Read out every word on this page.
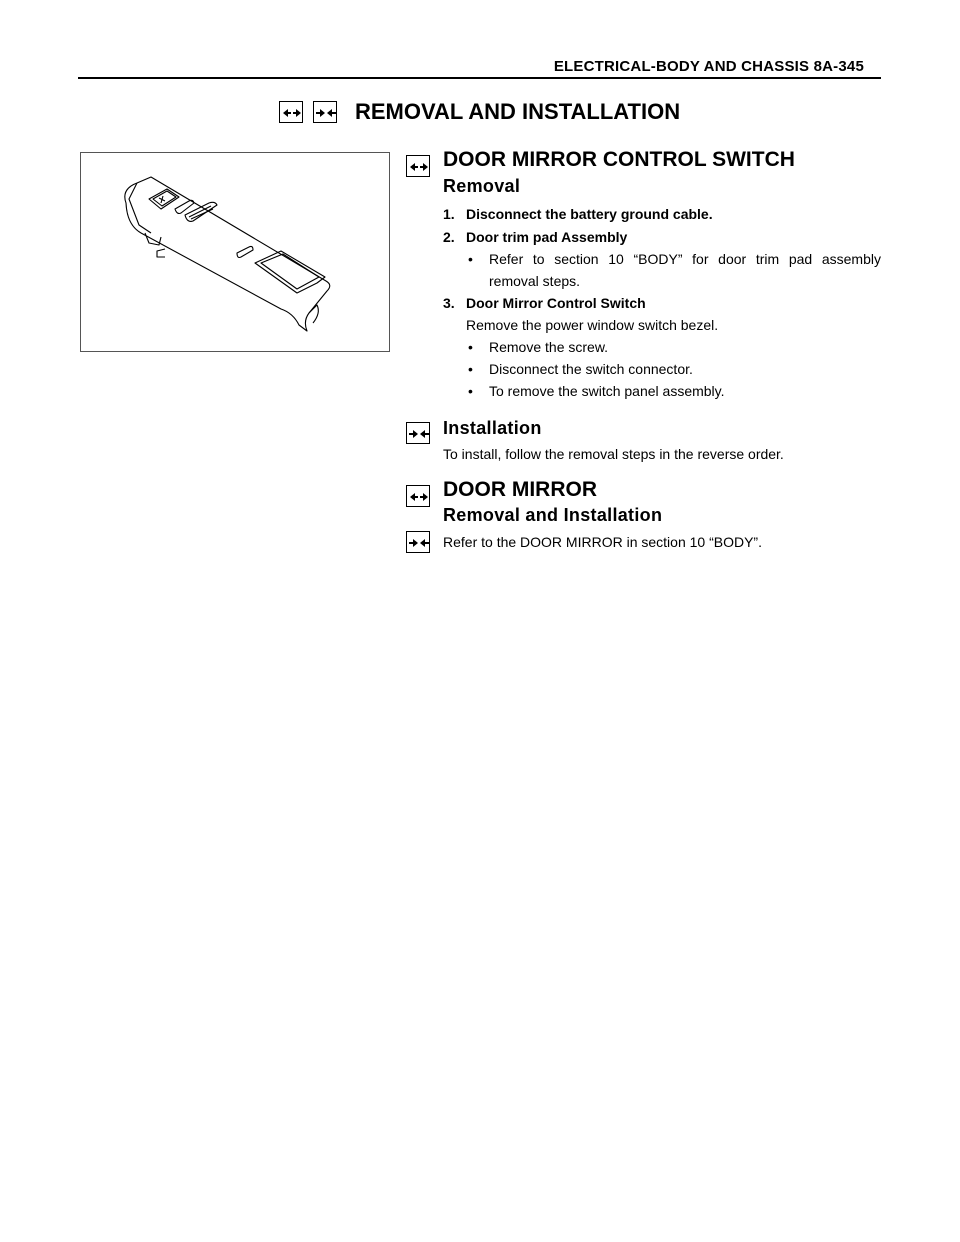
ELECTRICAL-BODY AND CHASSIS 8A-345
REMOVAL AND INSTALLATION
DOOR MIRROR CONTROL SWITCH
Removal
1. Disconnect the battery ground cable.
2. Door trim pad Assembly
• Refer to section 10 “BODY” for door trim pad assembly
removal steps.
3. Door Mirror Control Switch
Remove the power window switch bezel.
• Remove the screw.
• Disconnect the switch connector.
• To remove the switch panel assembly.
Installation
To install, follow the removal steps in the reverse order.
DOOR MIRROR
Removal and Installation
Refer to the DOOR MIRROR in section 10 “BODY”.
